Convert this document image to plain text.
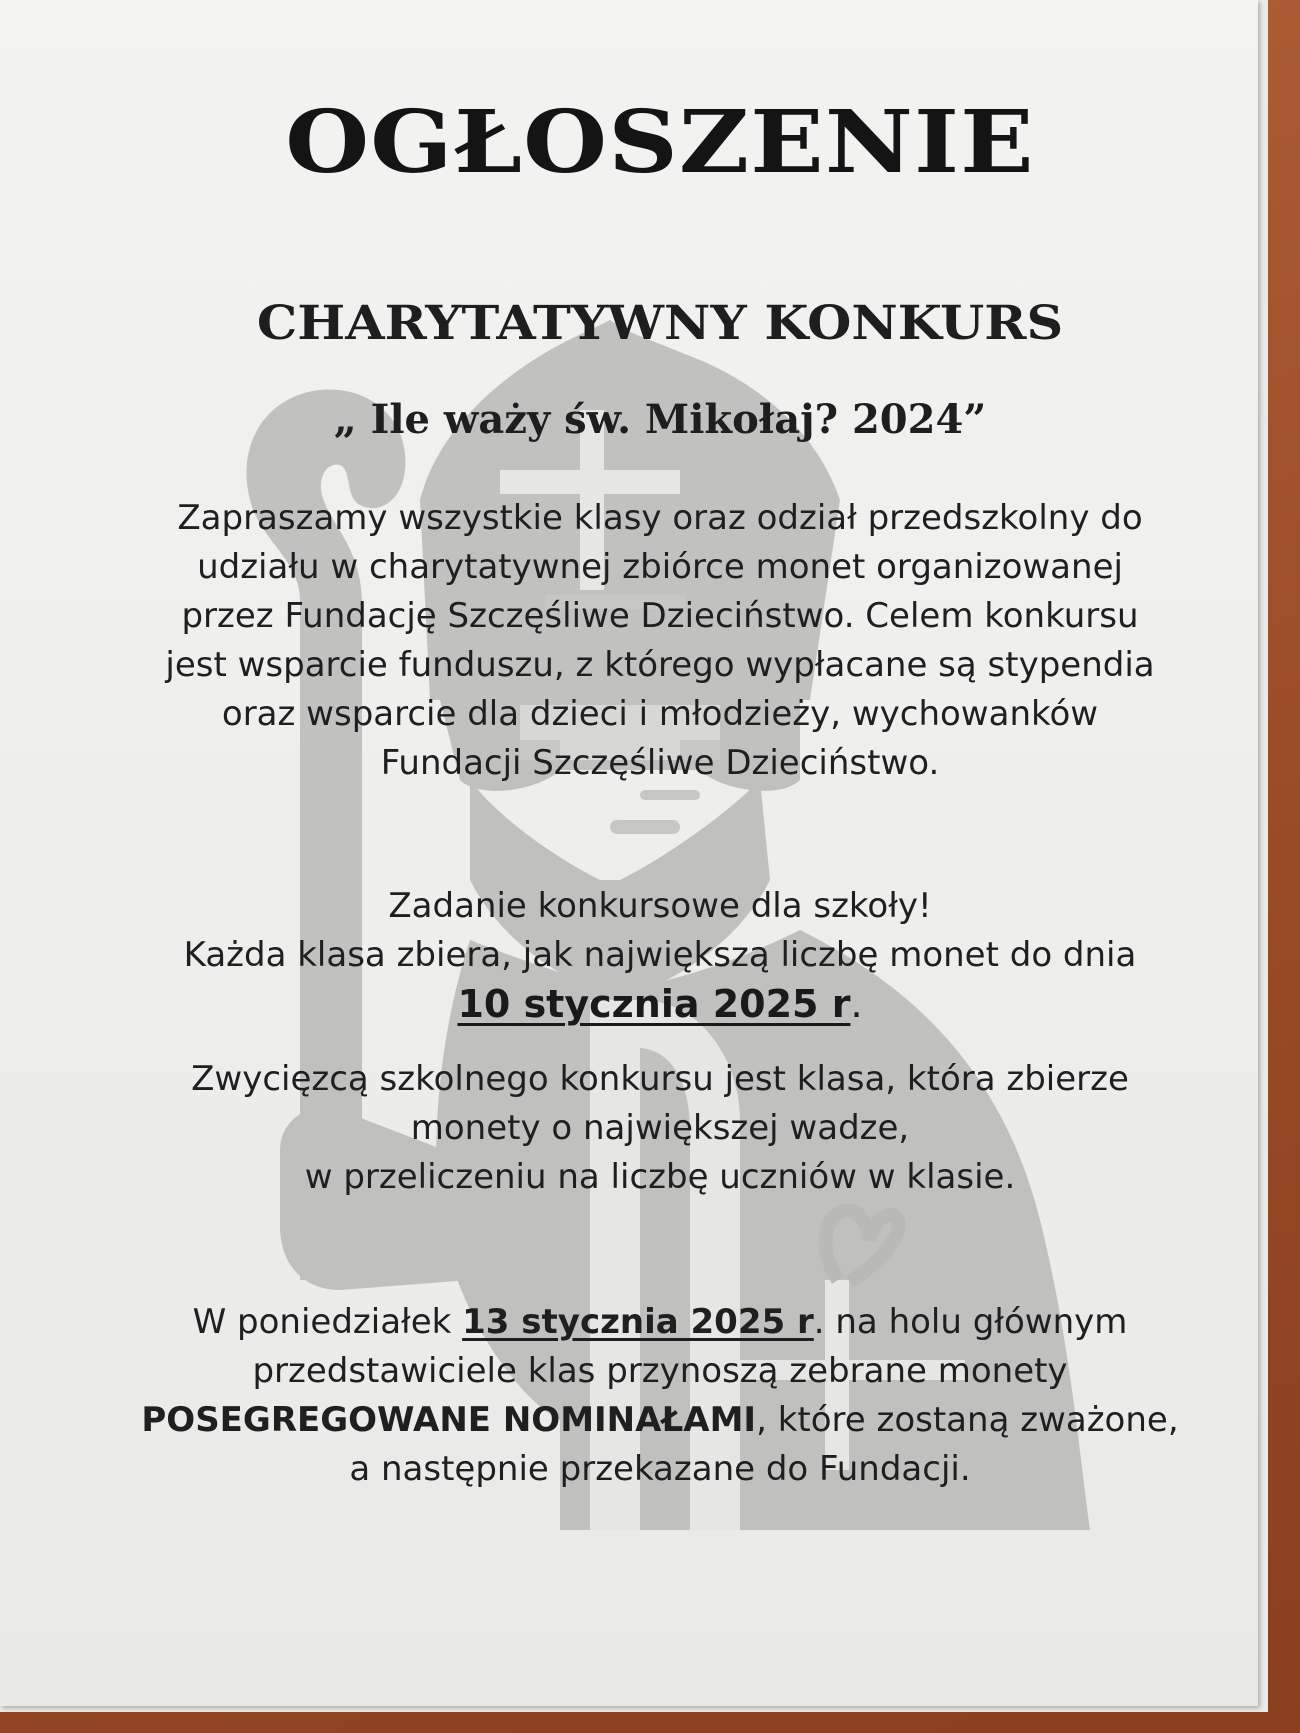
OGŁOSZENIE
CHARYTATYWNY KONKURS
„ Ile waży św. Mikołaj? 2024”
Zapraszamy wszystkie klasy oraz odział przedszkolny do
udziału w charytatywnej zbiórce monet organizowanej
przez Fundację Szczęśliwe Dzieciństwo. Celem konkursu
jest wsparcie funduszu, z którego wypłacane są stypendia
oraz wsparcie dla dzieci i młodzieży, wychowanków
Fundacji Szczęśliwe Dzieciństwo.
Zadanie konkursowe dla szkoły!
Każda klasa zbiera, jak największą liczbę monet do dnia
10 stycznia 2025 r.
Zwycięzcą szkolnego konkursu jest klasa, która zbierze
monety o największej wadze,
w przeliczeniu na liczbę uczniów w klasie.
W poniedziałek 13 stycznia 2025 r. na holu głównym
przedstawiciele klas przynoszą zebrane monety
POSEGREGOWANE NOMINAŁAMI, które zostaną zważone,
a następnie przekazane do Fundacji.
